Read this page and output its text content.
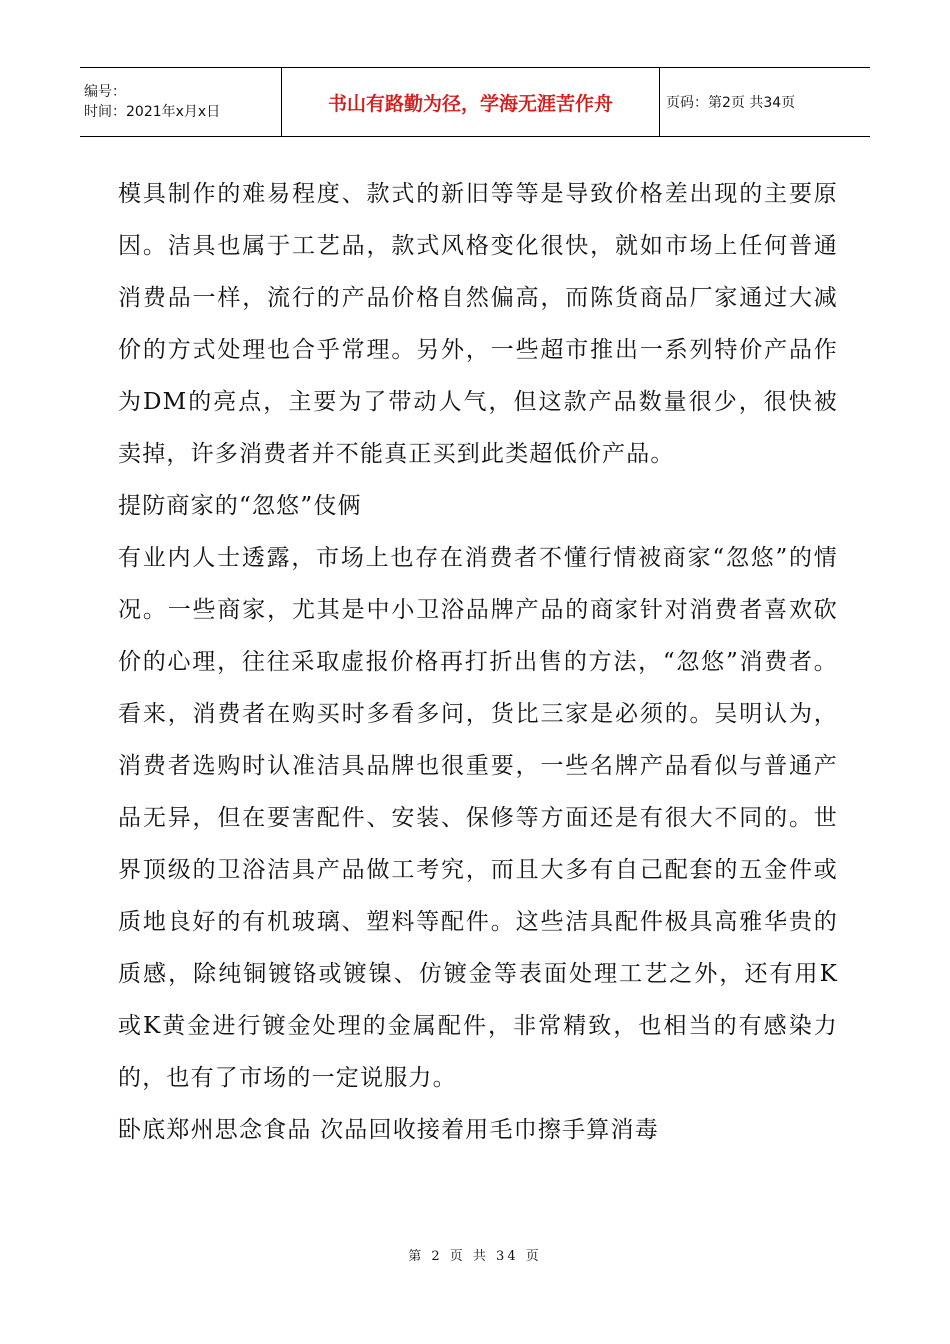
编号：
时间：2021年x月x日	书山有路勤为径，学海无涯苦作舟	页码：第2页 共34页

模具制作的难易程度、款式的新旧等等是导致价格差出现的主要原因。洁具也属于工艺品，款式风格变化很快，就如市场上任何普通消费品一样，流行的产品价格自然偏高，而陈货商品厂家通过大减价的方式处理也合乎常理。另外，一些超市推出一系列特价产品作为DM的亮点，主要为了带动人气，但这款产品数量很少，很快被卖掉，许多消费者并不能真正买到此类超低价产品。

提防商家的“忽悠”伎俩

有业内人士透露，市场上也存在消费者不懂行情被商家“忽悠”的情况。一些商家，尤其是中小卫浴品牌产品的商家针对消费者喜欢砍价的心理，往往采取虚报价格再打折出售的方法，“忽悠”消费者。看来，消费者在购买时多看多问，货比三家是必须的。吴明认为，消费者选购时认准洁具品牌也很重要，一些名牌产品看似与普通产品无异，但在要害配件、安装、保修等方面还是有很大不同的。世界顶级的卫浴洁具产品做工考究，而且大多有自己配套的五金件或质地良好的有机玻璃、塑料等配件。这些洁具配件极具高雅华贵的质感，除纯铜镀铬或镀镍、仿镀金等表面处理工艺之外，还有用K或K黄金进行镀金处理的金属配件，非常精致，也相当的有感染力的，也有了市场的一定说服力。

卧底郑州思念食品 次品回收接着用毛巾擦手算消毒

第 2 页 共 34 页
